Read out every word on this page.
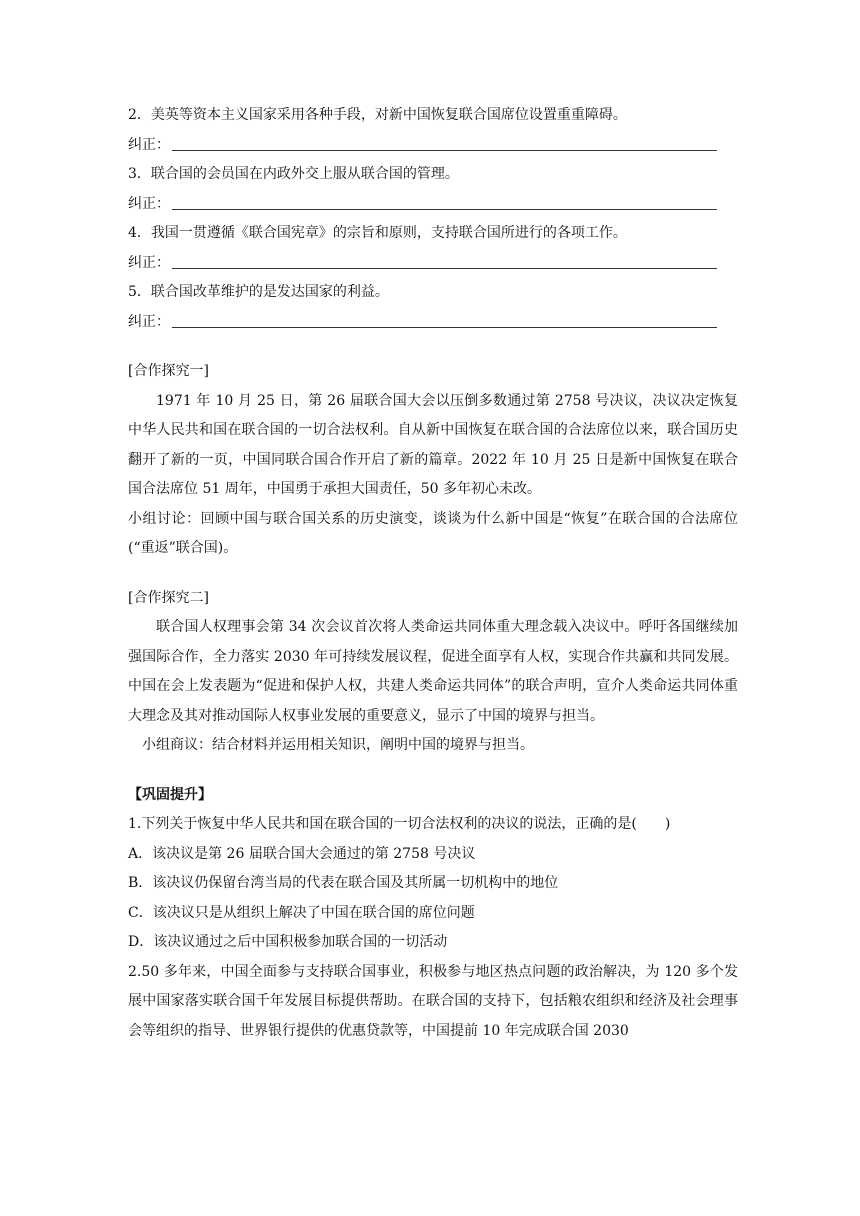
2．美英等资本主义国家采用各种手段，对新中国恢复联合国席位设置重重障碍。
纠正：
3．联合国的会员国在内政外交上服从联合国的管理。
纠正：
4．我国一贯遵循《联合国宪章》的宗旨和原则，支持联合国所进行的各项工作。
纠正：
5．联合国改革维护的是发达国家的利益。
纠正：
[合作探究一]
1971 年 10 月 25 日，第 26 届联合国大会以压倒多数通过第 2758 号决议，决议决定恢复中华人民共和国在联合国的一切合法权利。自从新中国恢复在联合国的合法席位以来，联合国历史翻开了新的一页，中国同联合国合作开启了新的篇章。2022 年 10 月 25 日是新中国恢复在联合国合法席位 51 周年，中国勇于承担大国责任，50 多年初心未改。
小组讨论：回顾中国与联合国关系的历史演变，谈谈为什么新中国是“恢复”在联合国的合法席位(“重返”联合国)。
[合作探究二]
联合国人权理事会第 34 次会议首次将人类命运共同体重大理念载入决议中。呼吁各国继续加强国际合作，全力落实 2030 年可持续发展议程，促进全面享有人权，实现合作共赢和共同发展。中国在会上发表题为“促进和保护人权，共建人类命运共同体”的联合声明，宣介人类命运共同体重大理念及其对推动国际人权事业发展的重要意义，显示了中国的境界与担当。
小组商议：结合材料并运用相关知识，阐明中国的境界与担当。
【巩固提升】
1.下列关于恢复中华人民共和国在联合国的一切合法权利的决议的说法，正确的是(　　)
A．该决议是第 26 届联合国大会通过的第 2758 号决议
B．该决议仍保留台湾当局的代表在联合国及其所属一切机构中的地位
C．该决议只是从组织上解决了中国在联合国的席位问题
D．该决议通过之后中国积极参加联合国的一切活动
2.50 多年来，中国全面参与支持联合国事业，积极参与地区热点问题的政治解决，为 120 多个发展中国家落实联合国千年发展目标提供帮助。在联合国的支持下，包括粮农组织和经济及社会理事会等组织的指导、世界银行提供的优惠贷款等，中国提前 10 年完成联合国 2030
